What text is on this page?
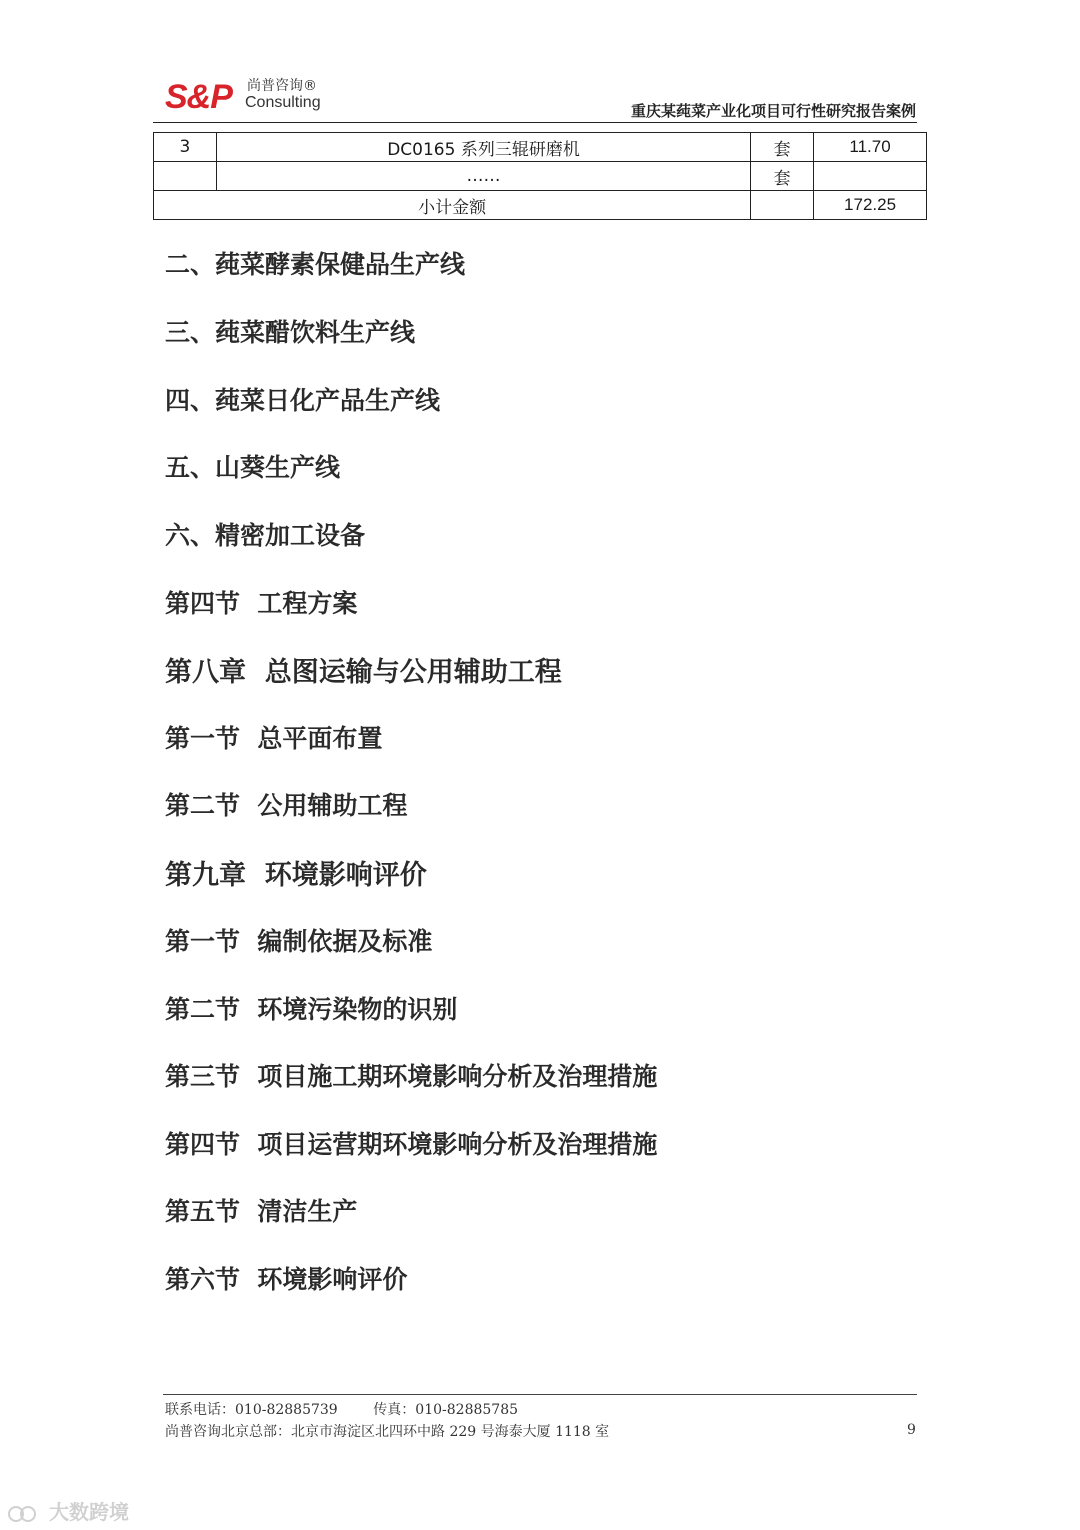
S&P 尚普咨询®
Consulting	重庆某莼菜产业化项目可行性研究报告案例
3	DC0165 系列三辊研磨机	套	11.70
	……	套	
小计金额			172.25
二、莼菜酵素保健品生产线
三、莼菜醋饮料生产线
四、莼菜日化产品生产线
五、山葵生产线
六、精密加工设备
第四节  工程方案
第八章  总图运输与公用辅助工程
第一节  总平面布置
第二节  公用辅助工程
第九章  环境影响评价
第一节  编制依据及标准
第二节  环境污染物的识别
第三节  项目施工期环境影响分析及治理措施
第四节  项目运营期环境影响分析及治理措施
第五节  清洁生产
第六节  环境影响评价
联系电话：010-82885739        传真：010-82885785
尚普咨询北京总部：北京市海淀区北四环中路 229 号海泰大厦 1118 室	9
大数跨境
